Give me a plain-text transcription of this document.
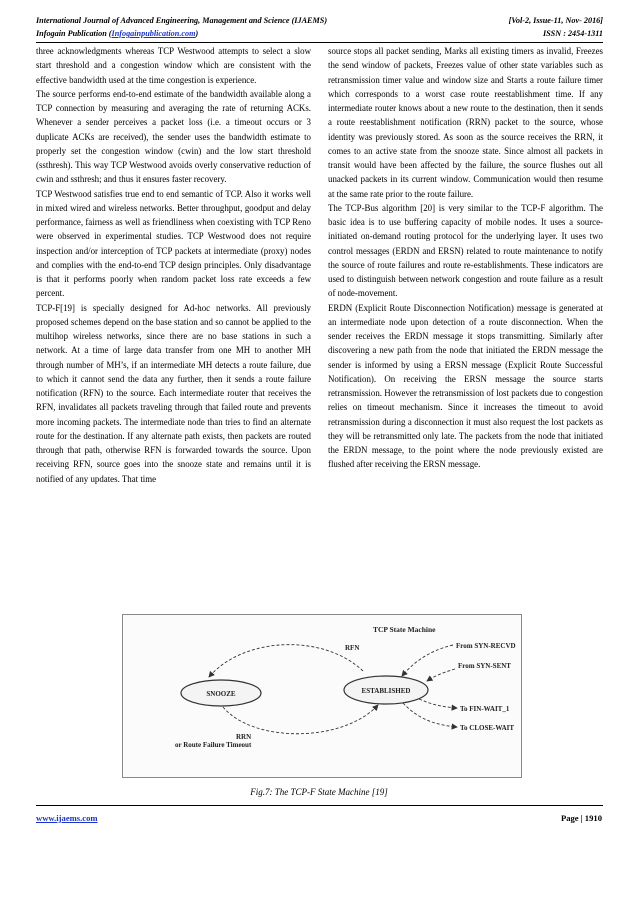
International Journal of Advanced Engineering, Management and Science (IJAEMS)	[Vol-2, Issue-11, Nov- 2016]
Infogain Publication (Infogainpublication.com)	ISSN : 2454-1311

three acknowledgments whereas TCP Westwood attempts to select a slow start threshold and a congestion window which are consistent with the effective bandwidth used at the time congestion is experience.

The source performs end-to-end estimate of the bandwidth available along a TCP connection by measuring and averaging the rate of returning ACKs. Whenever a sender perceives a packet loss (i.e. a timeout occurs or 3 duplicate ACKs are received), the sender uses the bandwidth estimate to properly set the congestion window (cwin) and the low start threshold (ssthresh). This way TCP Westwood avoids overly conservative reduction of cwin and ssthresh; and thus it ensures faster recovery.

TCP Westwood satisfies true end to end semantic of TCP. Also it works well in mixed wired and wireless networks. Better throughput, goodput and delay performance, fairness as well as friendliness when coexisting with TCP Reno were observed in experimental studies. TCP Westwood does not require inspection and/or interception of TCP packets at intermediate (proxy) nodes and complies with the end-to-end TCP design principles. Only disadvantage is that it performs poorly when random packet loss rate exceeds a few percent.

TCP-F[19] is specially designed for Ad-hoc networks. All previously proposed schemes depend on the base station and so cannot be applied to the multihop wireless networks, since there are no base stations in such a network. At a time of large data transfer from one MH to another MH through number of MH’s, if an intermediate MH detects a route failure, due to which it cannot send the data any further, then it sends a route failure notification (RFN) to the source. Each intermediate router that receives the RFN, invalidates all packets traveling through that failed route and prevents more incoming packets. The intermediate node than tries to find an alternate route for the destination. If any alternate path exists, then packets are routed through that path, otherwise RFN is forwarded towards the source. Upon receiving RFN, source goes into the snooze state and remains until it is notified of any updates. That time

source stops all packet sending, Marks all existing timers as invalid, Freezes the send window of packets, Freezes value of other state variables such as retransmission timer value and window size and Starts a route failure timer which corresponds to a worst case route reestablishment time. If any intermediate router knows about a new route to the destination, then it sends a route reestablishment notification (RRN) packet to the source, whose identity was previously stored. As soon as the source receives the RRN, it comes to an active state from the snooze state. Since almost all packets in transit would have been affected by the failure, the source flushes out all unacked packets in its current window. Communication would then resume at the same rate prior to the route failure.

The TCP-Bus algorithm [20] is very similar to the TCP-F algorithm. The basic idea is to use buffering capacity of mobile nodes. It uses a source-initiated on-demand routing protocol for the underlying layer. It uses two control messages (ERDN and ERSN) related to route maintenance to notify the source of route failures and route re-establishments. These indicators are used to distinguish between network congestion and route failure as a result of node-movement.

ERDN (Explicit Route Disconnection Notification) message is generated at an intermediate node upon detection of a route disconnection. When the sender receives the ERDN message it stops transmitting. Similarly after discovering a new path from the node that initiated the ERDN message the sender is informed by using a ERSN message (Explicit Route Successful Notification). On receiving the ERSN message the source starts retransmission. However the retransmission of lost packets due to congestion relies on timeout mechanism. Since it increases the timeout to avoid retransmission during a disconnection it must also request the lost packets as they will be retransmitted only late. The packets from the node that initiated the ERDN message, to the point where the node previously existed are flushed after receiving the ERSN message.

TCP State Machine
SNOOZE	ESTABLISHED
RFN
RRN
or Route Failure Timeout
From SYN-RECVD
From SYN-SENT
To FIN-WAIT_1
To CLOSE-WAIT
Fig.7: The TCP-F State Machine [19]
www.ijaems.com	Page | 1910
